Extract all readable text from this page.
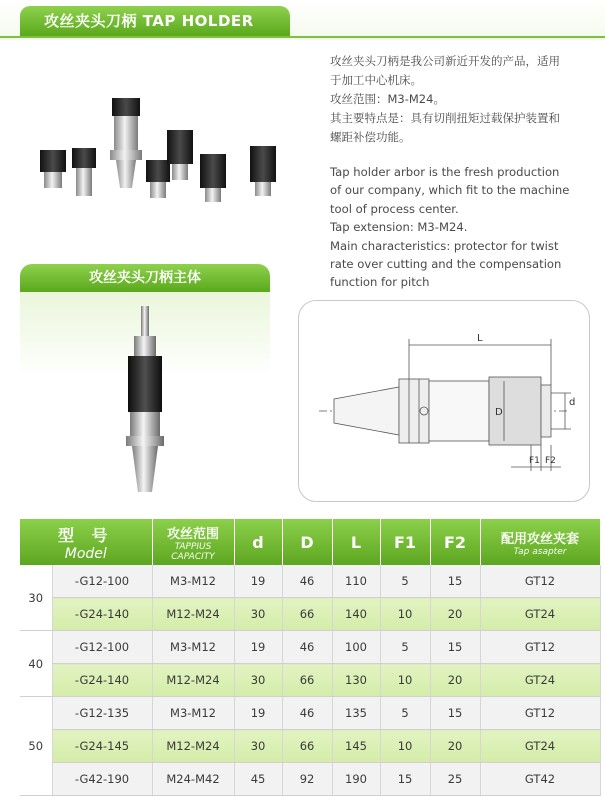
攻丝夹头刀柄 TAP HOLDER ARBOR

攻丝夹头刀柄是我公司新近开发的产品，适用

于加工中心机床。

攻丝范围：M3-M24。

其主要特点是：具有切削扭矩过载保护装置和

螺距补偿功能。

Tap holder arbor is the fresh production

of our company, which fit to the machine

tool of process center.

Tap extension: M3-M24.

Main characteristics: protector for twist

rate over cutting and the compensation

function for pitch

攻丝夹头刀柄主体
L
D
d
F1 F2
型 号
Model		攻丝范围
TAPPIUS CAPACITY	d	D	L	F1	F2	配用攻丝夹套
Tap asapter

30	-G12-100	M3-M12	19	46	110	5	15	GT12
	-G24-140	M12-M24	30	66	140	10	20	GT24
40	-G12-100	M3-M12	19	46	100	5	15	GT12
	-G24-140	M12-M24	30	66	130	10	20	GT24
50	-G12-135	M3-M12	19	46	135	5	15	GT12
	-G24-145	M12-M24	30	66	145	10	20	GT24
	-G42-190	M24-M42	45	92	190	15	25	GT42
